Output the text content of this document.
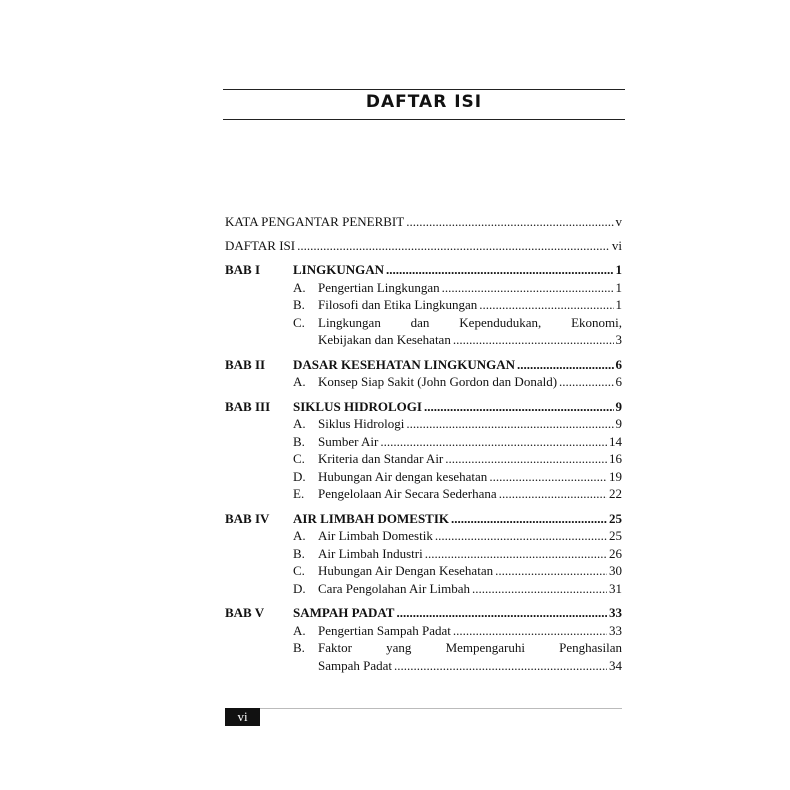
DAFTAR ISI
KATA PENGANTAR PENERBIT .....	v
DAFTAR ISI .....	vi
BAB I	LINGKUNGAN .....	1
A. Pengertian Lingkungan .....	1
B.	Filosofi dan Etika Lingkungan .....	1
C.	Lingkungan dan Kependudukan, Ekonomi,
Kebijakan dan Kesehatan .....	3
BAB II	DASAR KESEHATAN LINGKUNGAN .....	6
A. Konsep Siap Sakit (John Gordon dan Donald) .....	6
BAB III	SIKLUS HIDROLOGI .....	9
A. Siklus Hidrologi .....	9
B.	Sumber Air .....	14
C.	Kriteria dan Standar Air .....	16
D. Hubungan Air dengan kesehatan .....	19
E.	Pengelolaan Air Secara Sederhana .....	22
BAB IV	AIR LIMBAH DOMESTIK .....	25
A. Air Limbah Domestik .....	25
B.	Air Limbah Industri .....	26
C.	Hubungan Air Dengan Kesehatan .....	30
D. Cara Pengolahan Air Limbah .....	31
BAB V	SAMPAH PADAT .....	33
A. Pengertian Sampah Padat .....	33
B.	Faktor yang Mempengaruhi Penghasilan
Sampah Padat .....	34
vi
